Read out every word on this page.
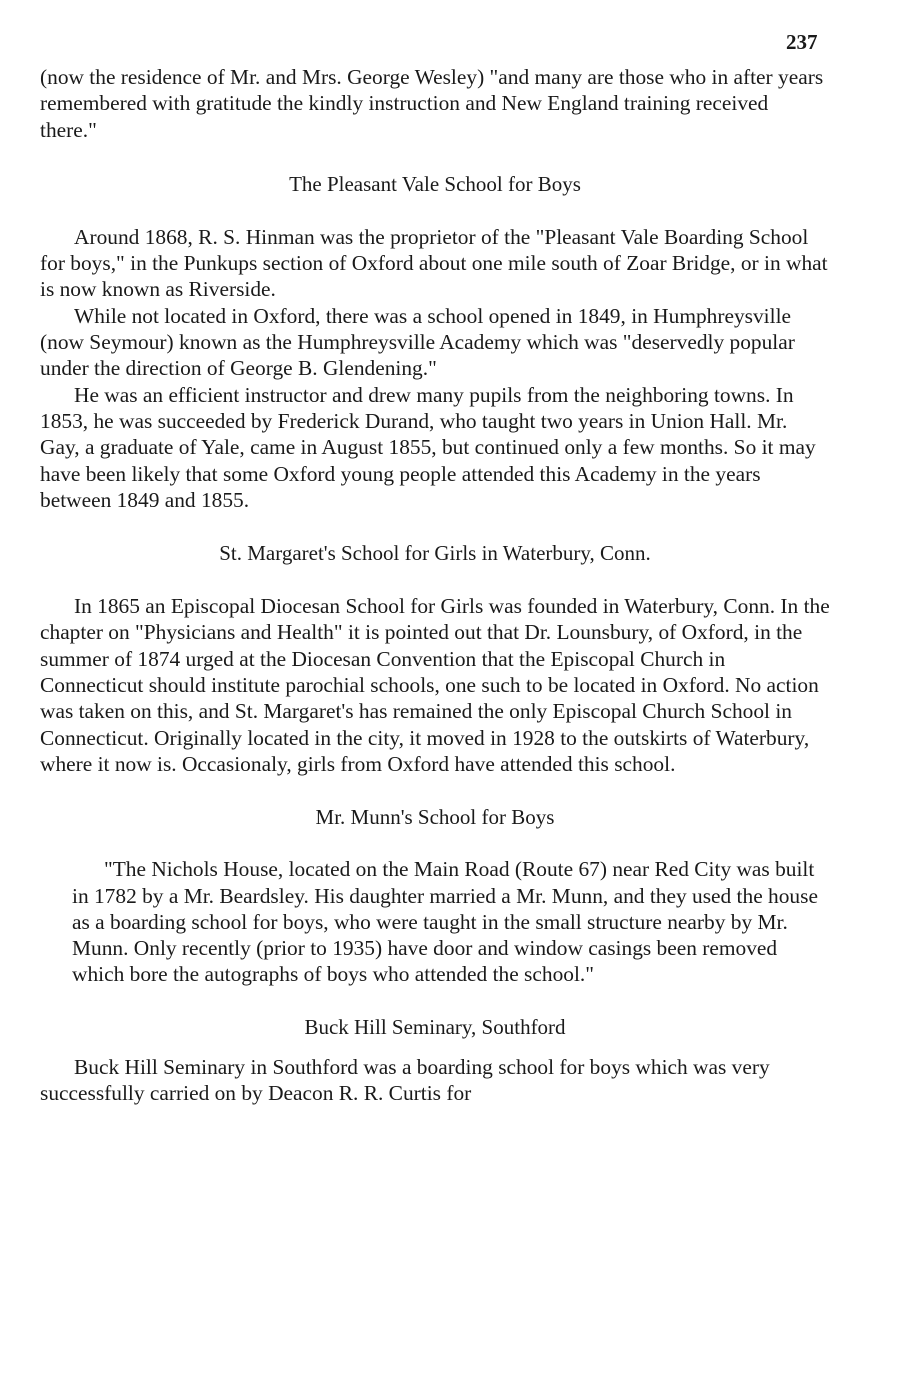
237

(now the residence of Mr. and Mrs. George Wesley) "and many are those who in after years remembered with gratitude the kindly instruction and New England training received there."

The Pleasant Vale School for Boys

Around 1868, R. S. Hinman was the proprietor of the "Pleasant Vale Boarding School for boys," in the Punkups section of Oxford about one mile south of Zoar Bridge, or in what is now known as Riverside.

While not located in Oxford, there was a school opened in 1849, in Humphreysville (now Seymour) known as the Humphreysville Academy which was "deservedly popular under the direction of George B. Glendening."

He was an efficient instructor and drew many pupils from the neighboring towns. In 1853, he was succeeded by Frederick Durand, who taught two years in Union Hall. Mr. Gay, a graduate of Yale, came in August 1855, but continued only a few months. So it may have been likely that some Oxford young people attended this Academy in the years between 1849 and 1855.

St. Margaret's School for Girls in Waterbury, Conn.

In 1865 an Episcopal Diocesan School for Girls was founded in Waterbury, Conn. In the chapter on "Physicians and Health" it is pointed out that Dr. Lounsbury, of Oxford, in the summer of 1874 urged at the Diocesan Convention that the Episcopal Church in Connecticut should institute parochial schools, one such to be located in Oxford. No action was taken on this, and St. Margaret's has remained the only Episcopal Church School in Connecticut. Originally located in the city, it moved in 1928 to the outskirts of Waterbury, where it now is. Occasionaly, girls from Oxford have attended this school.

Mr. Munn's School for Boys

"The Nichols House, located on the Main Road (Route 67) near Red City was built in 1782 by a Mr. Beardsley. His daughter married a Mr. Munn, and they used the house as a boarding school for boys, who were taught in the small structure nearby by Mr. Munn. Only recently (prior to 1935) have door and window casings been removed which bore the autographs of boys who attended the school."

Buck Hill Seminary, Southford

Buck Hill Seminary in Southford was a boarding school for boys which was very successfully carried on by Deacon R. R. Curtis for
